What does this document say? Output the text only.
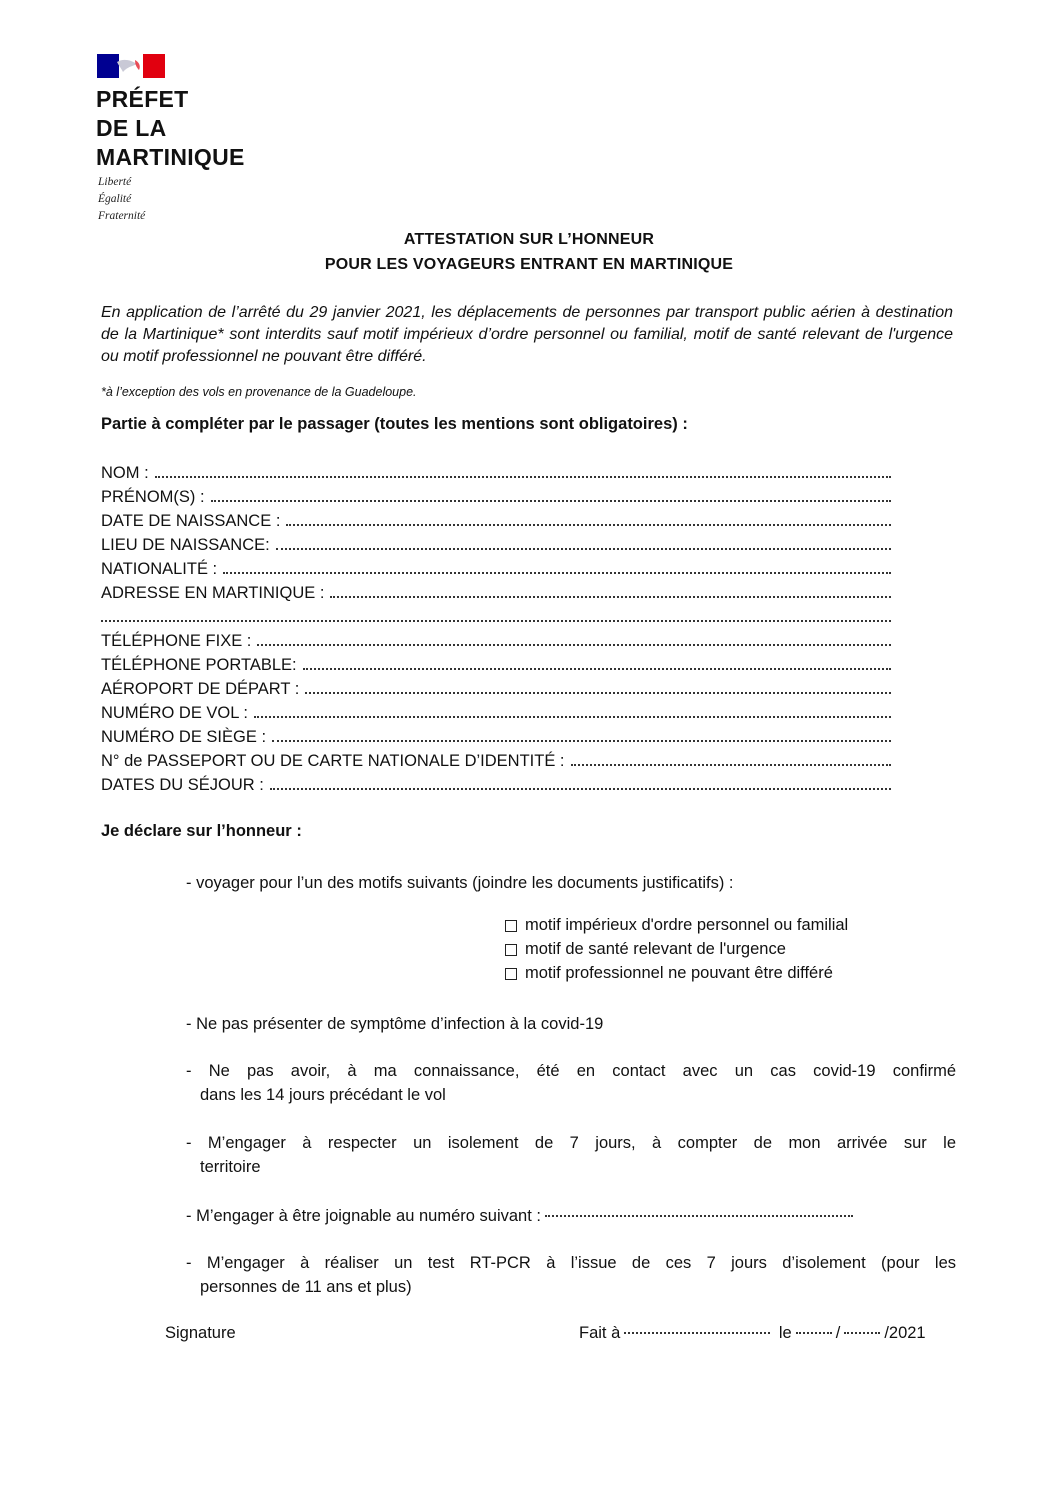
PRÉFET
DE LA
MARTINIQUE
Liberté
Égalité
Fraternité
ATTESTATION SUR L’HONNEUR
POUR LES VOYAGEURS ENTRANT EN MARTINIQUE
En application de l’arrêté du 29 janvier 2021, les déplacements de personnes par transport public aérien à destination de la Martinique* sont interdits sauf motif impérieux d’ordre personnel ou familial, motif de santé relevant de l'urgence ou motif professionnel ne pouvant être différé.
*à l’exception des vols en provenance de la Guadeloupe.
Partie à compléter par le passager (toutes les mentions sont obligatoires) :
NOM :
PRÉNOM(S) :
DATE DE NAISSANCE :
LIEU DE NAISSANCE:
NATIONALITÉ :
ADRESSE EN MARTINIQUE :
TÉLÉPHONE FIXE :
TÉLÉPHONE PORTABLE:
AÉROPORT DE DÉPART :
NUMÉRO DE VOL :
NUMÉRO DE SIÈGE :
N° de PASSEPORT OU DE CARTE NATIONALE D’IDENTITÉ :
DATES DU SÉJOUR :
Je déclare sur l’honneur :
- voyager pour l’un des motifs suivants (joindre les documents justificatifs) :
motif impérieux d'ordre personnel ou familial
motif de santé relevant de l'urgence
motif professionnel ne pouvant être différé
- Ne pas présenter de symptôme d’infection à la covid-19
- Ne pas avoir, à ma connaissance, été en contact avec un cas covid-19 confirmé
dans les 14 jours précédant le vol
- M’engager à respecter un isolement de 7 jours, à compter de mon arrivée sur le
territoire
- M’engager à être joignable au numéro suivant :
- M’engager à réaliser un test RT-PCR à l’issue de ces 7 jours d’isolement (pour les
personnes de 11 ans et plus)
Signature	Fait à	le	/	/2021
